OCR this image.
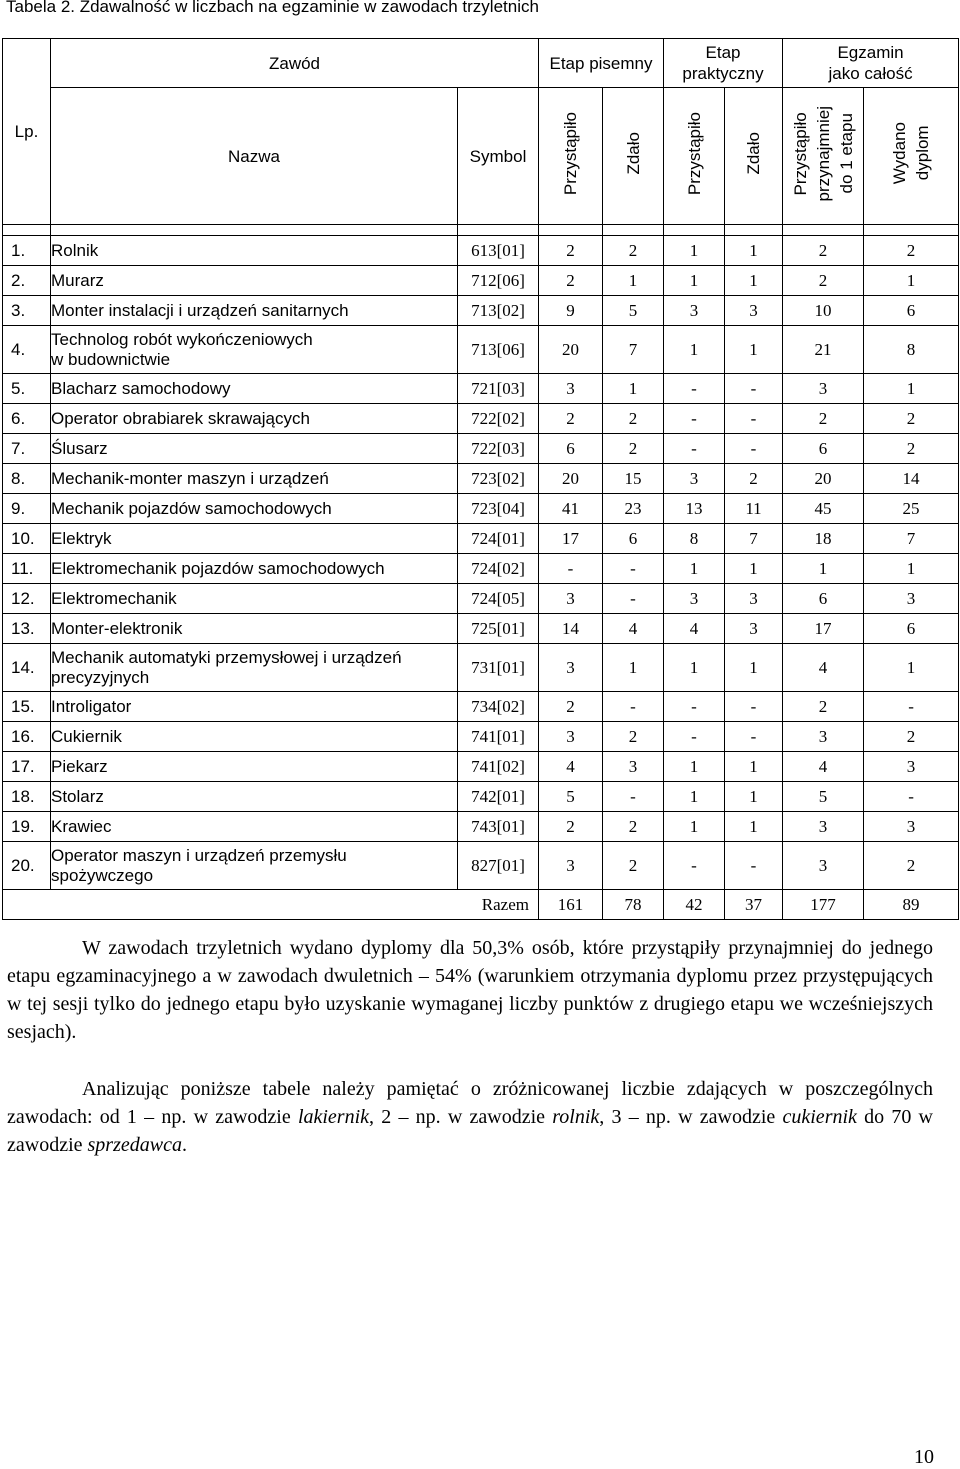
Tabela 2. Zdawalność w liczbach na egzaminie w zawodach trzyletnich
Lp.	Zawód		Etap pisemny		Etap praktyczny		Egzamin
jako całość	
	Nazwa	Symbol	Przystąpiło	Zdało	Przystąpiło	Zdało	Przystąpiło przynajmniej do 1 etapu	Wydano dyplom

1.	Rolnik	613[01]	2	2	1	1	2	2
2.	Murarz	712[06]	2	1	1	1	2	1
3.	Monter instalacji i urządzeń sanitarnych	713[02]	9	5	3	3	10	6
4.	Technolog robót wykończeniowych
w budownictwie	713[06]	20	7	1	1	21	8
5.	Blacharz samochodowy	721[03]	3	1	-	-	3	1
6.	Operator obrabiarek skrawających	722[02]	2	2	-	-	2	2
7.	Ślusarz	722[03]	6	2	-	-	6	2
8.	Mechanik-monter maszyn i urządzeń	723[02]	20	15	3	2	20	14
9.	Mechanik pojazdów samochodowych	723[04]	41	23	13	11	45	25
10.	Elektryk	724[01]	17	6	8	7	18	7
11.	Elektromechanik pojazdów samochodowych	724[02]	-	-	1	1	1	1
12.	Elektromechanik	724[05]	3	-	3	3	6	3
13.	Monter-elektronik	725[01]	14	4	4	3	17	6
14.	Mechanik automatyki przemysłowej i urządzeń
precyzyjnych	731[01]	3	1	1	1	4	1
15.	Introligator	734[02]	2	-	-	-	2	-
16.	Cukiernik	741[01]	3	2	-	-	3	2
17.	Piekarz	741[02]	4	3	1	1	4	3
18.	Stolarz	742[01]	5	-	1	1	5	-
19.	Krawiec	743[01]	2	2	1	1	3	3
20.	Operator maszyn i urządzeń przemysłu
spożywczego	827[01]	3	2	-	-	3	2
Razem			161	78	42	37	177	89

W zawodach trzyletnich wydano dyplomy dla 50,3% osób, które przystąpiły przynajmniej do jednego etapu egzaminacyjnego a w zawodach dwuletnich – 54% (warunkiem otrzymania dyplomu przez przystępujących w tej sesji tylko do jednego etapu było uzyskanie wymaganej liczby punktów z drugiego etapu we wcześniejszych sesjach).

Analizując poniższe tabele należy pamiętać o zróżnicowanej liczbie zdających w poszczególnych zawodach: od 1 – np. w zawodzie lakiernik, 2 – np. w zawodzie rolnik, 3 – np. w zawodzie cukiernik do 70 w zawodzie sprzedawca.

10
